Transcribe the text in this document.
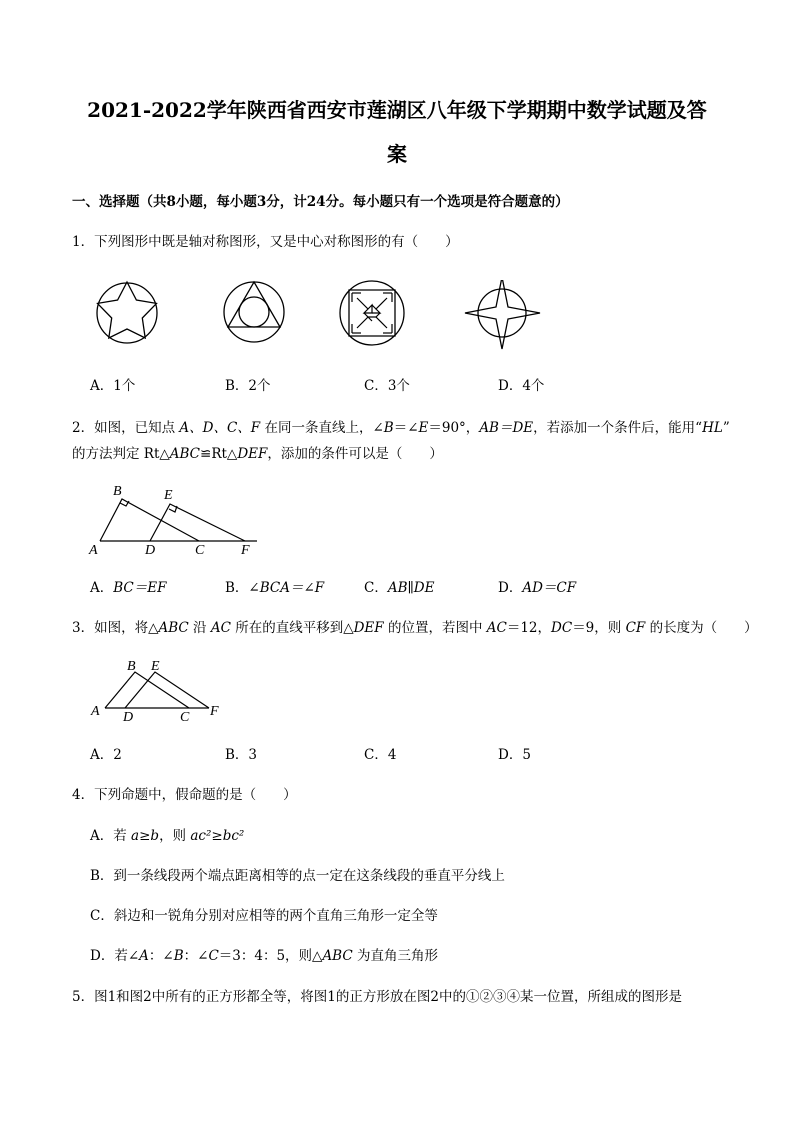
2021-2022学年陕西省西安市莲湖区八年级下学期期中数学试题及答
案
一、选择题（共8小题，每小题3分，计24分。每小题只有一个选项是符合题意的）
1．下列图形中既是轴对称图形，又是中心对称图形的有（　　）
A．1个	B．2个	C．3个	D．4个
2．如图，已知点 A、D、C、F 在同一条直线上，∠B＝∠E＝90°，AB＝DE，若添加一个条件后，能用“HL”
的方法判定 Rt△ABC≌Rt△DEF，添加的条件可以是（　　）
B	E
A	D	C	F
A．BC＝EF	B．∠BCA＝∠F	C．AB∥DE	D．AD＝CF
3．如图，将△ABC 沿 AC 所在的直线平移到△DEF 的位置，若图中 AC＝12，DC＝9，则 CF 的长度为（　　）
B E
A D	C F
A．2	B．3	C．4	D．5
4．下列命题中，假命题的是（　　）
A．若 a≥b，则 ac²≥bc²
B．到一条线段两个端点距离相等的点一定在这条线段的垂直平分线上
C．斜边和一锐角分别对应相等的两个直角三角形一定全等
D．若∠A：∠B：∠C＝3：4：5，则△ABC 为直角三角形
5．图1和图2中所有的正方形都全等，将图1的正方形放在图2中的①②③④某一位置，所组成的图形是
